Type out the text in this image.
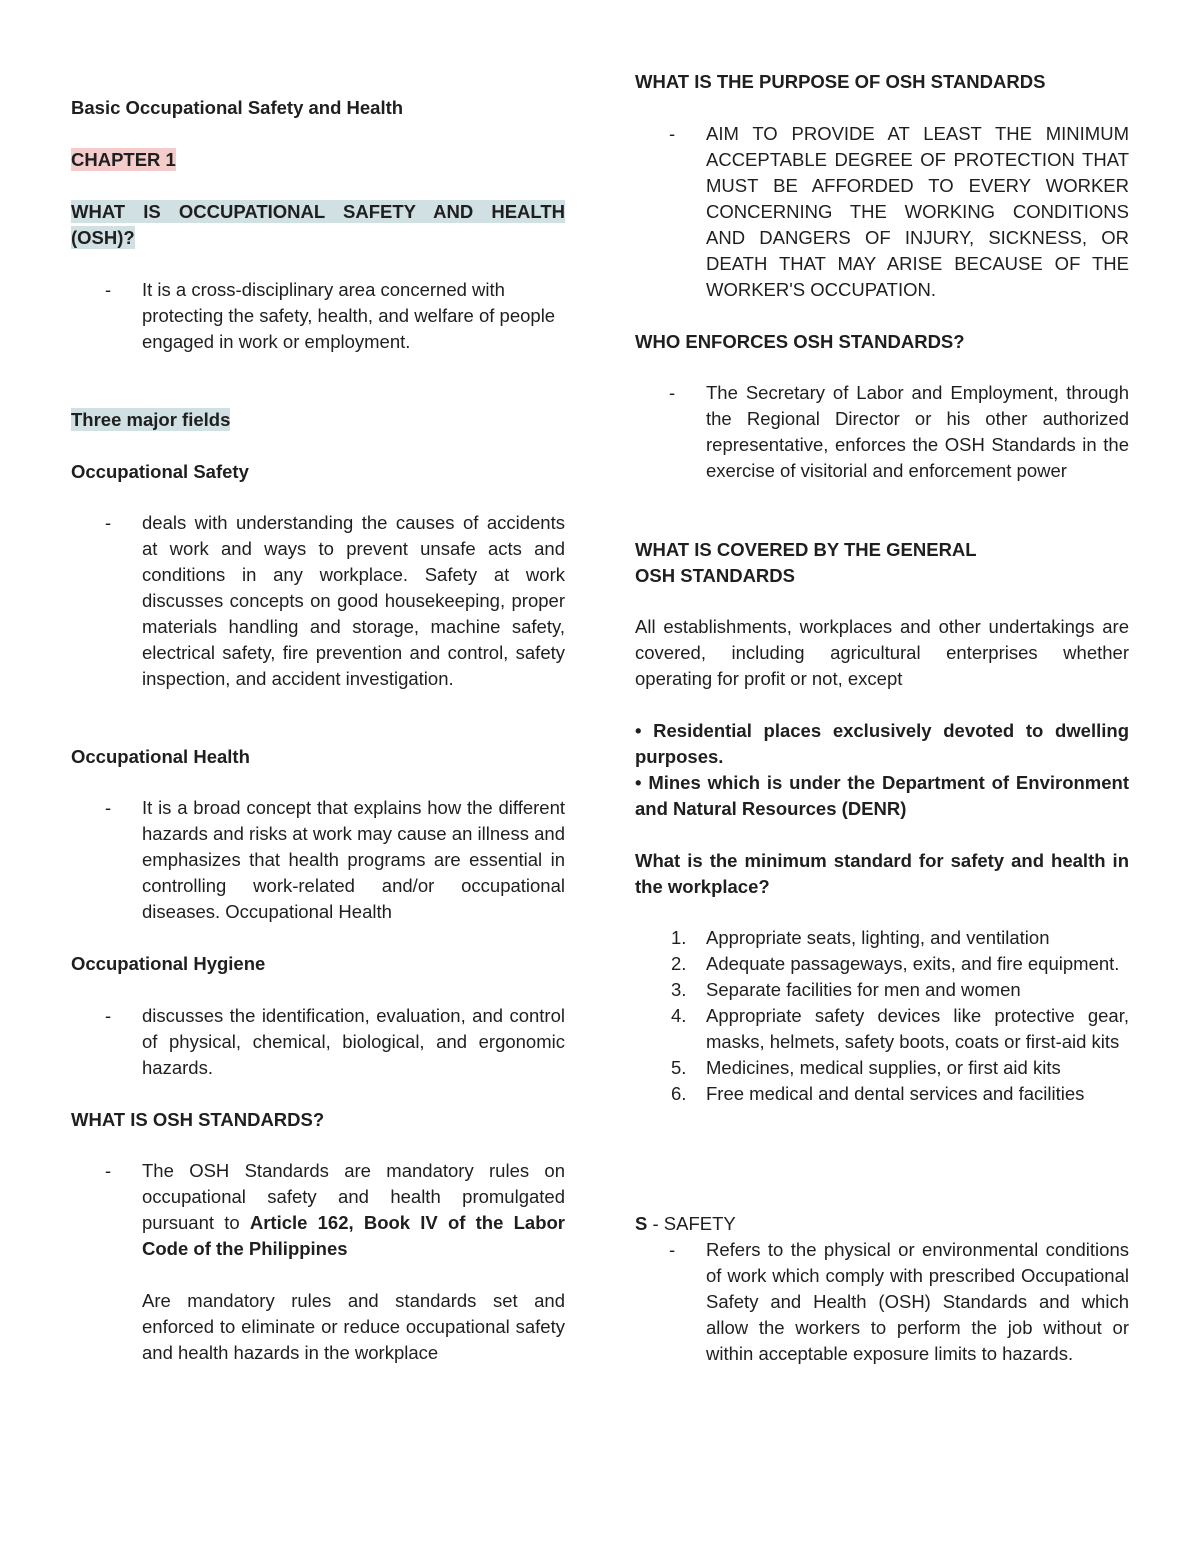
Basic Occupational Safety and Health

CHAPTER 1

WHAT IS OCCUPATIONAL SAFETY AND HEALTH (OSH)?

- It is a cross-disciplinary area concerned with protecting the safety, health, and welfare of people engaged in work or employment.

Three major fields

Occupational Safety

- deals with understanding the causes of accidents at work and ways to prevent unsafe acts and conditions in any workplace. Safety at work discusses concepts on good housekeeping, proper materials handling and storage, machine safety, electrical safety, fire prevention and control, safety inspection, and accident investigation.

Occupational Health

- It is a broad concept that explains how the different hazards and risks at work may cause an illness and emphasizes that health programs are essential in controlling work-related and/or occupational diseases. Occupational Health

Occupational Hygiene

- discusses the identification, evaluation, and control of physical, chemical, biological, and ergonomic hazards.

WHAT IS OSH STANDARDS?

- The OSH Standards are mandatory rules on occupational safety and health promulgated pursuant to Article 162, Book IV of the Labor Code of the Philippines
Are mandatory rules and standards set and enforced to eliminate or reduce occupational safety and health hazards in the workplace

WHAT IS THE PURPOSE OF OSH STANDARDS

- AIM TO PROVIDE AT LEAST THE MINIMUM ACCEPTABLE DEGREE OF PROTECTION THAT MUST BE AFFORDED TO EVERY WORKER CONCERNING THE WORKING CONDITIONS AND DANGERS OF INJURY, SICKNESS, OR DEATH THAT MAY ARISE BECAUSE OF THE WORKER'S OCCUPATION.

WHO ENFORCES OSH STANDARDS?

- The Secretary of Labor and Employment, through the Regional Director or his other authorized representative, enforces the OSH Standards in the exercise of visitorial and enforcement power

WHAT IS COVERED BY THE GENERAL OSH STANDARDS

All establishments, workplaces and other undertakings are covered, including agricultural enterprises whether operating for profit or not, except

• Residential places exclusively devoted to dwelling purposes.

• Mines which is under the Department of Environment and Natural Resources (DENR)

What is the minimum standard for safety and health in the workplace?

1. Appropriate seats, lighting, and ventilation
2. Adequate passageways, exits, and fire equipment.
3. Separate facilities for men and women
4. Appropriate safety devices like protective gear, masks, helmets, safety boots, coats or first-aid kits
5. Medicines, medical supplies, or first aid kits
6. Free medical and dental services and facilities

S - SAFETY

- Refers to the physical or environmental conditions of work which comply with prescribed Occupational Safety and Health (OSH) Standards and which allow the workers to perform the job without or within acceptable exposure limits to hazards.
